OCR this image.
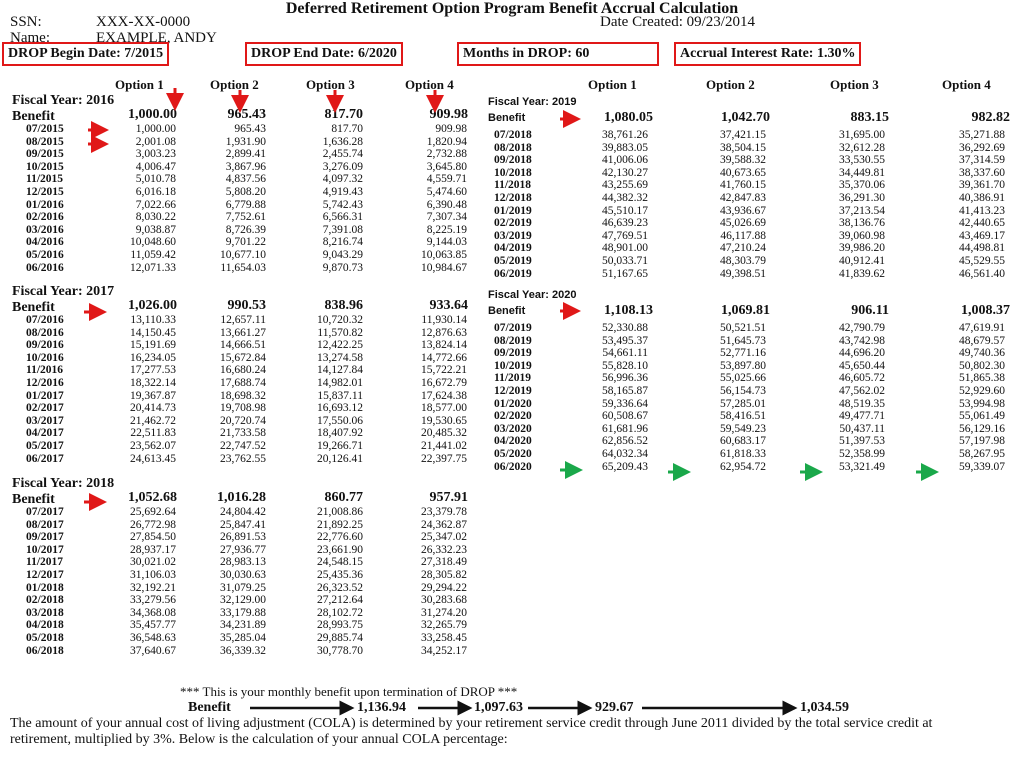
Deferred Retirement Option Program Benefit Accrual Calculation
SSN:	XXX-XX-0000
Name:	EXAMPLE, ANDY
Date Created: 09/23/2014
DROP Begin Date: 7/2015	DROP End Date: 6/2020	Months in DROP: 60	Accrual Interest Rate: 1.30%
Option 1	Option 2	Option 3	Option 4	Option 1	Option 2	Option 3	Option 4
Fiscal Year: 2016
Benefit	1,000.00	965.43	817.70	909.98
07/2015	1,000.00	965.43	817.70	909.98
08/2015	2,001.08	1,931.90	1,636.28	1,820.94
09/2015	3,003.23	2,899.41	2,455.74	2,732.88
10/2015	4,006.47	3,867.96	3,276.09	3,645.80
11/2015	5,010.78	4,837.56	4,097.32	4,559.71
12/2015	6,016.18	5,808.20	4,919.43	5,474.60
01/2016	7,022.66	6,779.88	5,742.43	6,390.48
02/2016	8,030.22	7,752.61	6,566.31	7,307.34
03/2016	9,038.87	8,726.39	7,391.08	8,225.19
04/2016	10,048.60	9,701.22	8,216.74	9,144.03
05/2016	11,059.42	10,677.10	9,043.29	10,063.85
06/2016	12,071.33	11,654.03	9,870.73	10,984.67
Fiscal Year: 2017
Benefit	1,026.00	990.53	838.96	933.64
07/2016	13,110.33	12,657.11	10,720.32	11,930.14
08/2016	14,150.45	13,661.27	11,570.82	12,876.63
09/2016	15,191.69	14,666.51	12,422.25	13,824.14
10/2016	16,234.05	15,672.84	13,274.58	14,772.66
11/2016	17,277.53	16,680.24	14,127.84	15,722.21
12/2016	18,322.14	17,688.74	14,982.01	16,672.79
01/2017	19,367.87	18,698.32	15,837.11	17,624.38
02/2017	20,414.73	19,708.98	16,693.12	18,577.00
03/2017	21,462.72	20,720.74	17,550.06	19,530.65
04/2017	22,511.83	21,733.58	18,407.92	20,485.32
05/2017	23,562.07	22,747.52	19,266.71	21,441.02
06/2017	24,613.45	23,762.55	20,126.41	22,397.75
Fiscal Year: 2018
Benefit	1,052.68	1,016.28	860.77	957.91
07/2017	25,692.64	24,804.42	21,008.86	23,379.78
08/2017	26,772.98	25,847.41	21,892.25	24,362.87
09/2017	27,854.50	26,891.53	22,776.60	25,347.02
10/2017	28,937.17	27,936.77	23,661.90	26,332.23
11/2017	30,021.02	28,983.13	24,548.15	27,318.49
12/2017	31,106.03	30,030.63	25,435.36	28,305.82
01/2018	32,192.21	31,079.25	26,323.52	29,294.22
02/2018	33,279.56	32,129.00	27,212.64	30,283.68
03/2018	34,368.08	33,179.88	28,102.72	31,274.20
04/2018	35,457.77	34,231.89	28,993.75	32,265.79
05/2018	36,548.63	35,285.04	29,885.74	33,258.45
06/2018	37,640.67	36,339.32	30,778.70	34,252.17
Fiscal Year: 2019
Benefit	1,080.05	1,042.70	883.15	982.82
07/2018	38,761.26	37,421.15	31,695.00	35,271.88
08/2018	39,883.05	38,504.15	32,612.28	36,292.69
09/2018	41,006.06	39,588.32	33,530.55	37,314.59
10/2018	42,130.27	40,673.65	34,449.81	38,337.60
11/2018	43,255.69	41,760.15	35,370.06	39,361.70
12/2018	44,382.32	42,847.83	36,291.30	40,386.91
01/2019	45,510.17	43,936.67	37,213.54	41,413.23
02/2019	46,639.23	45,026.69	38,136.76	42,440.65
03/2019	47,769.51	46,117.88	39,060.98	43,469.17
04/2019	48,901.00	47,210.24	39,986.20	44,498.81
05/2019	50,033.71	48,303.79	40,912.41	45,529.55
06/2019	51,167.65	49,398.51	41,839.62	46,561.40
Fiscal Year: 2020
Benefit	1,108.13	1,069.81	906.11	1,008.37
07/2019	52,330.88	50,521.51	42,790.79	47,619.91
08/2019	53,495.37	51,645.73	43,742.98	48,679.57
09/2019	54,661.11	52,771.16	44,696.20	49,740.36
10/2019	55,828.10	53,897.80	45,650.44	50,802.30
11/2019	56,996.36	55,025.66	46,605.72	51,865.38
12/2019	58,165.87	56,154.73	47,562.02	52,929.60
01/2020	59,336.64	57,285.01	48,519.35	53,994.98
02/2020	60,508.67	58,416.51	49,477.71	55,061.49
03/2020	61,681.96	59,549.23	50,437.11	56,129.16
04/2020	62,856.52	60,683.17	51,397.53	57,197.98
05/2020	64,032.34	61,818.33	52,358.99	58,267.95
06/2020	65,209.43	62,954.72	53,321.49	59,339.07
*** This is your monthly benefit upon termination of DROP ***
Benefit	1,136.94	1,097.63	929.67	1,034.59
The amount of your annual cost of living adjustment (COLA) is determined by your retirement service credit through June 2011 divided by the total service credit at retirement, multiplied by 3%. Below is the calculation of your annual COLA percentage:
